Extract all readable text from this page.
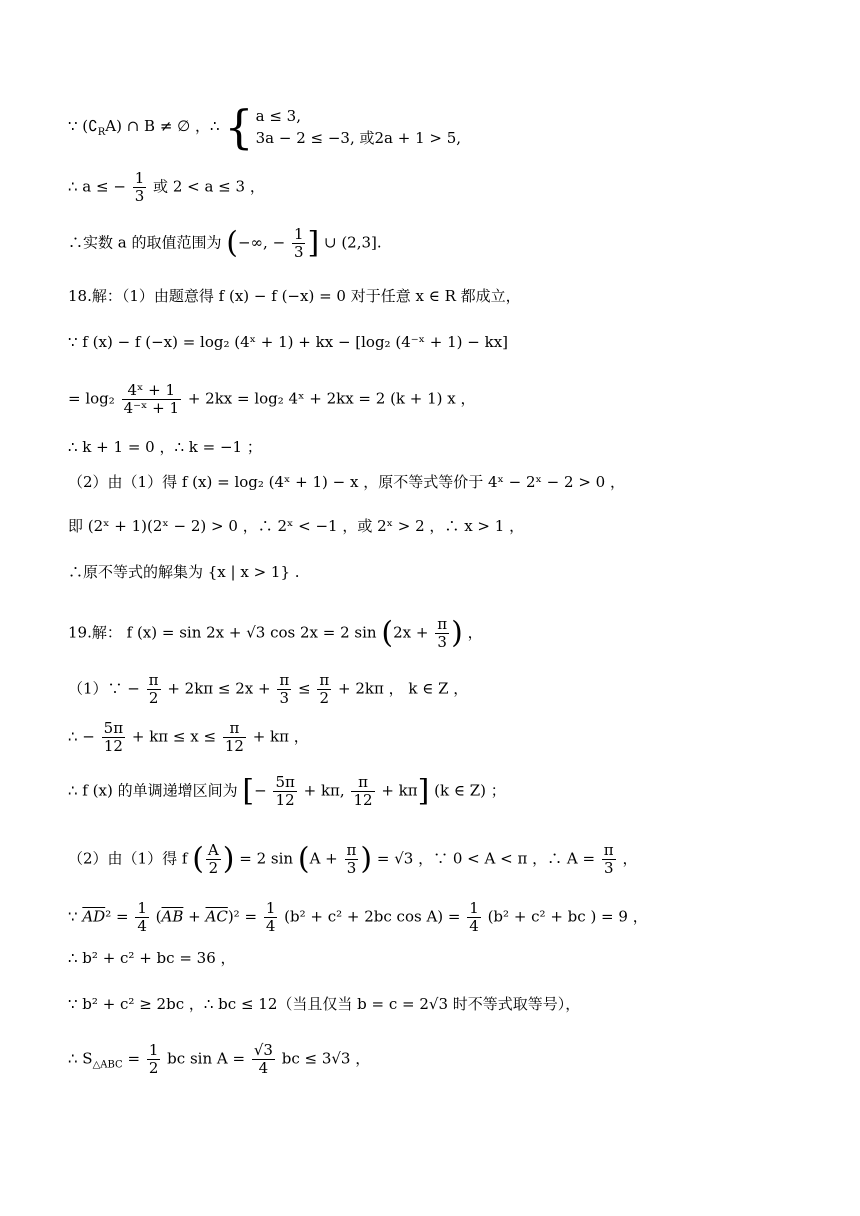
∵ $(∁_RA)$ ∩ B ≠ ∅ ，∴ { a ≤ 3,
3a − 2 ≤ −3, 或2a + 1 > 5,
∴ a ≤ − $\frac{1}{3}$ 或 2 < a ≤ 3 ，
∴实数 a 的取值范围为 (−∞, − $\frac{1}{3}$ ] ∪ (2,3].
18.解：（1）由题意得 f (x) − f (−x) = 0 对于任意 x ∈ R 都成立，
∵ f (x) − f (−x) = log₂ (4ˣ + 1) + kx − [log₂ (4⁻ˣ + 1) − kx]
= $\log_2 \frac{\text{4ˣ + 1}}{\text{4⁻ˣ + 1}} + 2kx = \log_2$ 4ˣ + 2kx = 2 (k + 1) x ，
∴ k + 1 = 0 ，∴ k = −1 ；
（2）由（1）得 f (x) = log₂ (4ˣ + 1) − x ，原不等式等价于 4ˣ − 2ˣ − 2 > 0 ，
即 (2ˣ + 1)(2ˣ − 2) > 0 ，∴ 2ˣ < −1 ，或 2ˣ > 2 ，∴ x > 1 ，
∴原不等式的解集为 {x | x > 1} .
19.解： f (x) = sin 2x + √3 cos 2x = 2 $\sin (2x + \frac{\pi}{3}$ ) ，
（1）∵ − $\frac{\pi}{2} + 2k\pi \le 2x + \frac{\pi}{3} \le \frac{\pi}{2} + 2k\pi$ ， k ∈ Z ，
∴ − $\frac{5\pi}{12} + k\pi \le x \le \frac{\pi}{12} + k\pi$ ，
∴ f (x) 的单调递增区间为 [− $\frac{5\pi}{12} + k\pi$, $\frac{\pi}{12} + k\pi$] (k ∈ Z) ；
（2）由（1）得 f ( $\frac{A}{2}$ ) = 2 $\sin (A + \frac{\pi}{3}$ ) = √3 ，∵ 0 < A < π ，∴ $A = \frac{\pi}{3}$ ，
∵ $\overline{AD}^2 = \frac{1}{4} (\overline{AB} + \overline{AC})^2 = \frac{1}{4} (b^2 + c^2 + 2bc$ $\cos A) = \frac{1}{4} (b^2 + c^2$ + bc ) = 9 ，
∴ b² + c² + bc = 36 ，
∵ b² + c² ≥ 2bc ，∴ bc ≤ 12（当且仅当 b = c = 2√3 时不等式取等号），
∴ $S_{\triangle ABC} = \frac{1}{2}$ bc $\sin A = \frac{√3}{4}$ bc ≤ 3√3 ，
